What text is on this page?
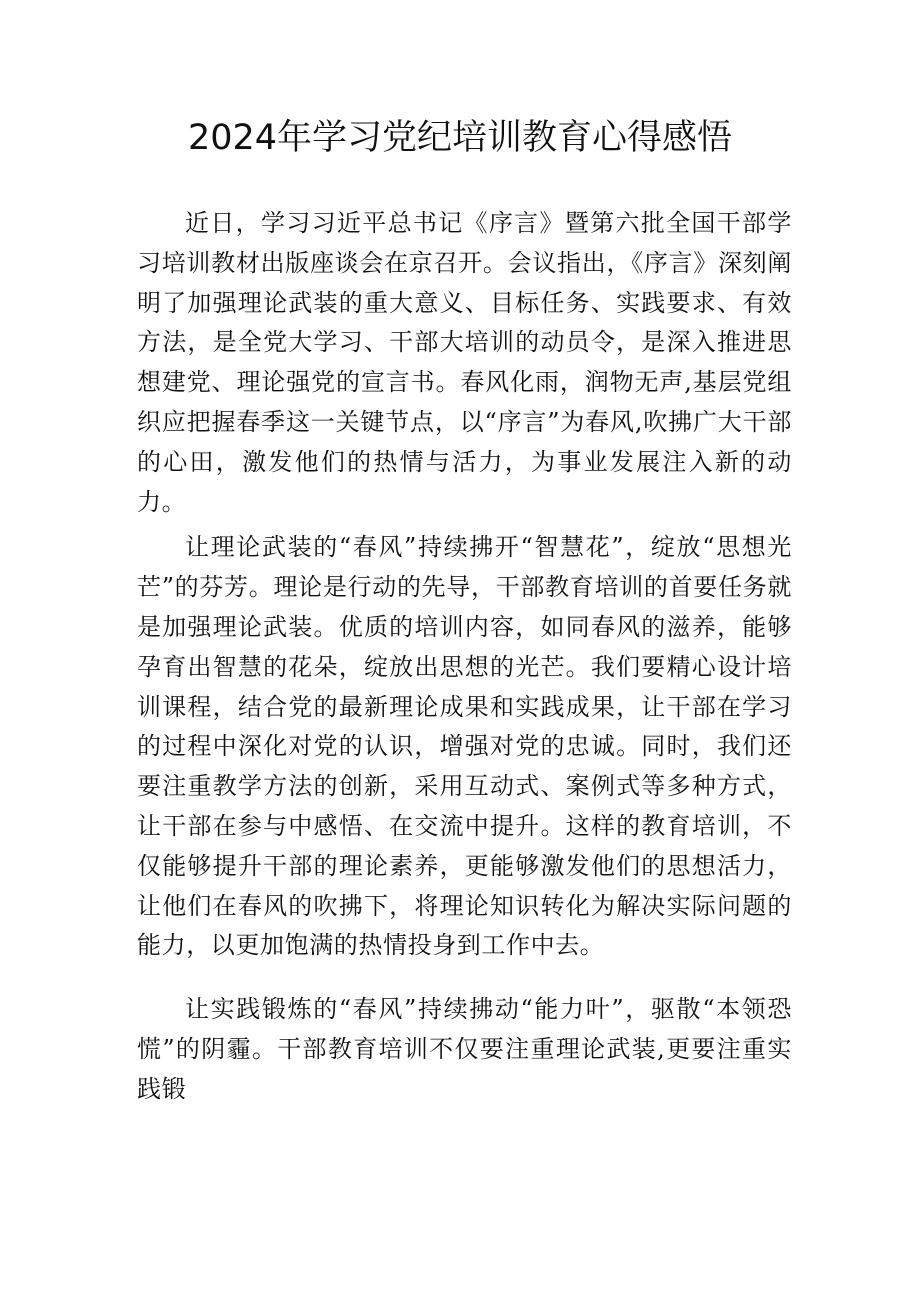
2024年学习党纪培训教育心得感悟

近日，学习习近平总书记《序言》暨第六批全国干部学习培训教材出版座谈会在京召开。会议指出，《序言》深刻阐明了加强理论武装的重大意义、目标任务、实践要求、有效方法，是全党大学习、干部大培训的动员令，是深入推进思想建党、理论强党的宣言书。春风化雨，润物无声,基层党组织应把握春季这一关键节点，以“序言”为春风,吹拂广大干部的心田，激发他们的热情与活力，为事业发展注入新的动力。

让理论武装的“春风”持续拂开“智慧花”，绽放“思想光芒”的芬芳。理论是行动的先导，干部教育培训的首要任务就是加强理论武装。优质的培训内容，如同春风的滋养，能够孕育出智慧的花朵，绽放出思想的光芒。我们要精心设计培训课程，结合党的最新理论成果和实践成果，让干部在学习的过程中深化对党的认识，增强对党的忠诚。同时，我们还要注重教学方法的创新，采用互动式、案例式等多种方式，让干部在参与中感悟、在交流中提升。这样的教育培训，不仅能够提升干部的理论素养，更能够激发他们的思想活力，让他们在春风的吹拂下，将理论知识转化为解决实际问题的能力，以更加饱满的热情投身到工作中去。

让实践锻炼的“春风”持续拂动“能力叶”，驱散“本领恐慌”的阴霾。干部教育培训不仅要注重理论武装,更要注重实践锻
